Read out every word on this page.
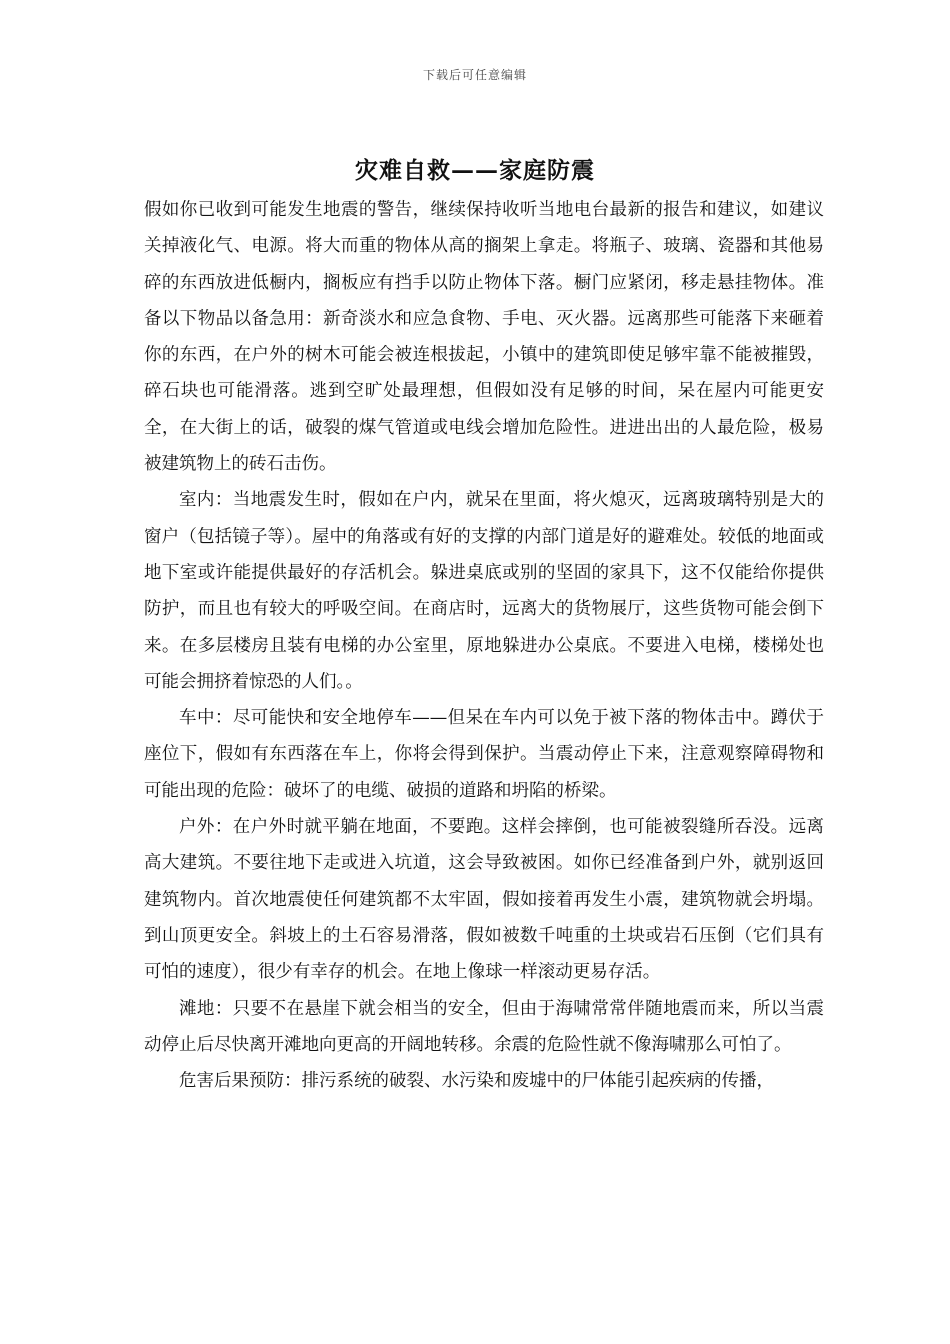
下载后可任意编辑
灾难自救——家庭防震

假如你已收到可能发生地震的警告，继续保持收听当地电台最新的报告和建议，如建议关掉液化气、电源。将大而重的物体从高的搁架上拿走。将瓶子、玻璃、瓷器和其他易碎的东西放进低橱内，搁板应有挡手以防止物体下落。橱门应紧闭，移走悬挂物体。准备以下物品以备急用：新奇淡水和应急食物、手电、灭火器。远离那些可能落下来砸着你的东西，在户外的树木可能会被连根拔起，小镇中的建筑即使足够牢靠不能被摧毁，碎石块也可能滑落。逃到空旷处最理想，但假如没有足够的时间，呆在屋内可能更安全，在大街上的话，破裂的煤气管道或电线会增加危险性。进进出出的人最危险，极易被建筑物上的砖石击伤。

室内：当地震发生时，假如在户内，就呆在里面，将火熄灭，远离玻璃特别是大的窗户（包括镜子等）。屋中的角落或有好的支撑的内部门道是好的避难处。较低的地面或地下室或许能提供最好的存活机会。躲进桌底或别的坚固的家具下，这不仅能给你提供防护，而且也有较大的呼吸空间。在商店时，远离大的货物展厅，这些货物可能会倒下来。在多层楼房且装有电梯的办公室里，原地躲进办公桌底。不要进入电梯，楼梯处也可能会拥挤着惊恐的人们。。

车中：尽可能快和安全地停车——但呆在车内可以免于被下落的物体击中。蹲伏于座位下，假如有东西落在车上，你将会得到保护。当震动停止下来，注意观察障碍物和可能出现的危险：破坏了的电缆、破损的道路和坍陷的桥梁。

户外：在户外时就平躺在地面，不要跑。这样会摔倒，也可能被裂缝所吞没。远离高大建筑。不要往地下走或进入坑道，这会导致被困。如你已经准备到户外，就别返回建筑物内。首次地震使任何建筑都不太牢固，假如接着再发生小震，建筑物就会坍塌。到山顶更安全。斜坡上的土石容易滑落，假如被数千吨重的土块或岩石压倒（它们具有可怕的速度），很少有幸存的机会。在地上像球一样滚动更易存活。

滩地：只要不在悬崖下就会相当的安全，但由于海啸常常伴随地震而来，所以当震动停止后尽快离开滩地向更高的开阔地转移。余震的危险性就不像海啸那么可怕了。

危害后果预防：排污系统的破裂、水污染和废墟中的尸体能引起疾病的传播，
